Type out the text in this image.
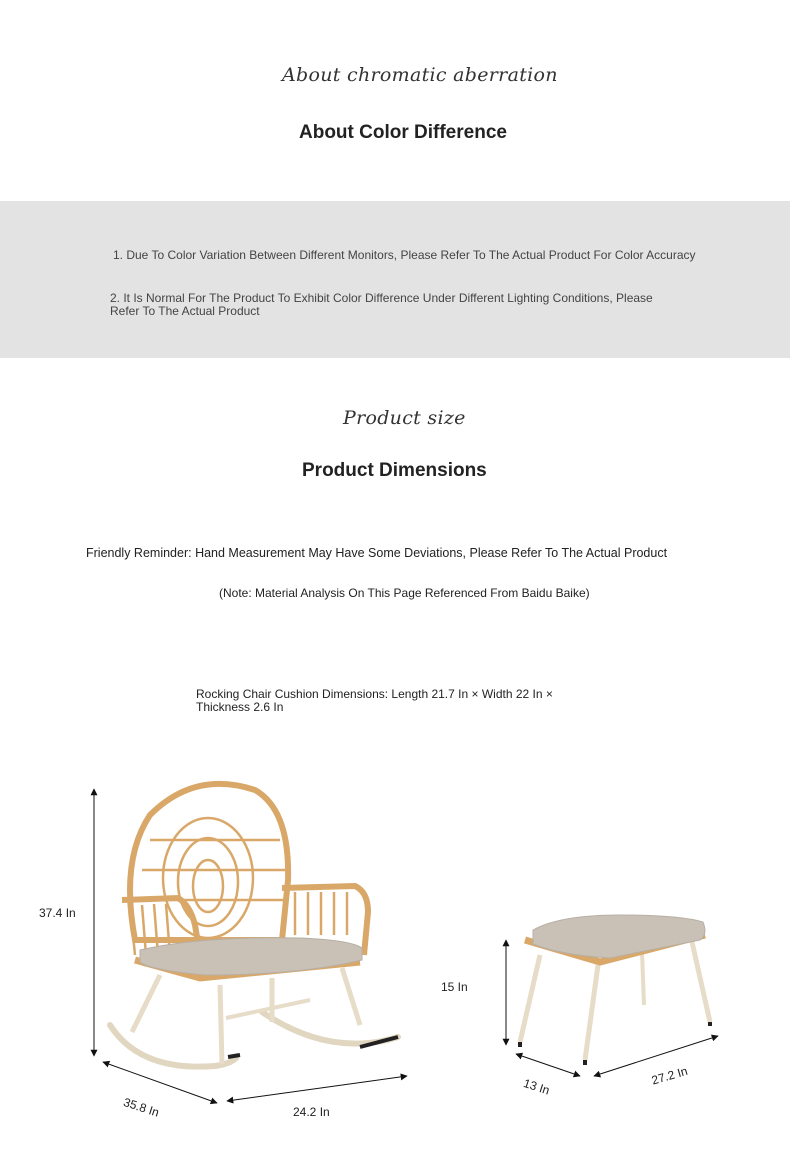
About chromatic aberration
About Color Difference
1. Due To Color Variation Between Different Monitors, Please Refer To The Actual Product For Color Accuracy
2. It Is Normal For The Product To Exhibit Color Difference Under Different Lighting Conditions, Please Refer To The Actual Product
Product size
Product Dimensions
Friendly Reminder: Hand Measurement May Have Some Deviations, Please Refer To The Actual Product
(Note: Material Analysis On This Page Referenced From Baidu Baike)
Rocking Chair Cushion Dimensions: Length 21.7 In × Width 22 In × Thickness 2.6 In
37.4 In
35.8 In	24.2 In
15 In
13 In	27.2 In
